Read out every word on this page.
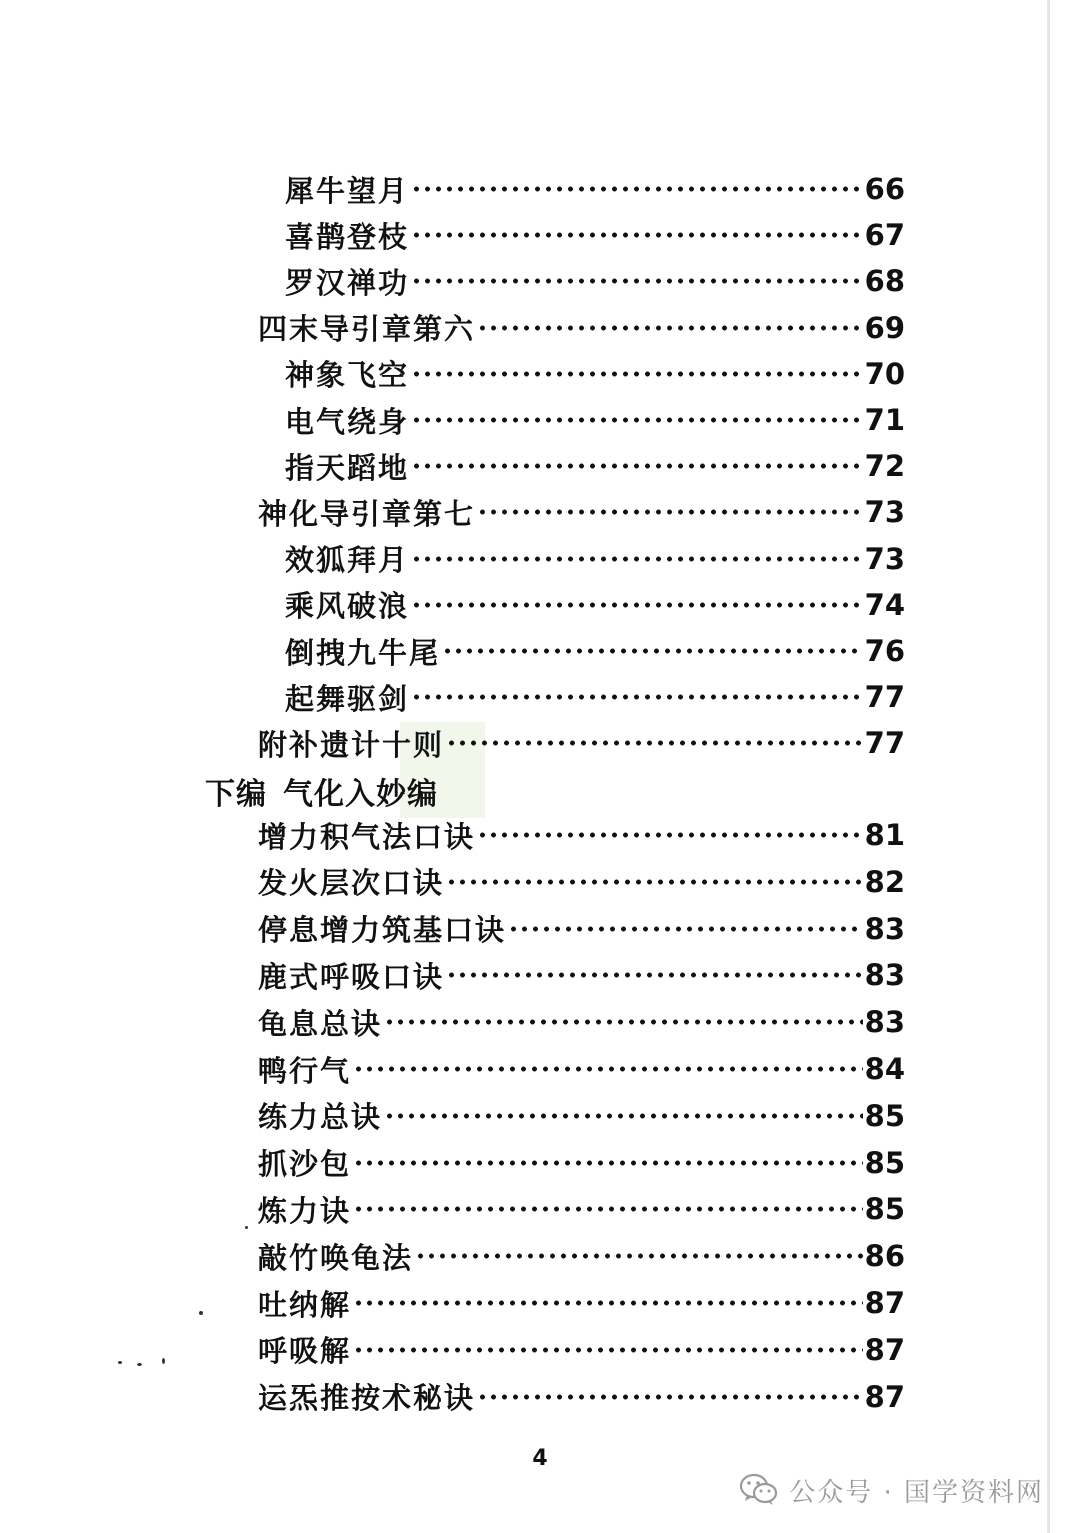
犀牛望月	66
喜鹊登枝	67
罗汉禅功	68
四末导引章第六	69
神象飞空	70
电气绕身	71
指天蹈地	72
神化导引章第七	73
效狐拜月	73
乘风破浪	74
倒拽九牛尾	76
起舞驱剑	77
附补遗计十则	77
下编 气化入妙编
增力积气法口诀	81
发火层次口诀	82
停息增力筑基口诀	83
鹿式呼吸口诀	83
龟息总诀	83
鸭行气	84
练力总诀	85
抓沙包	85
炼力诀	85
敲竹唤龟法	86
吐纳解	87
呼吸解	87
运炁推按术秘诀	87
4
公众号 · 国学资料网
